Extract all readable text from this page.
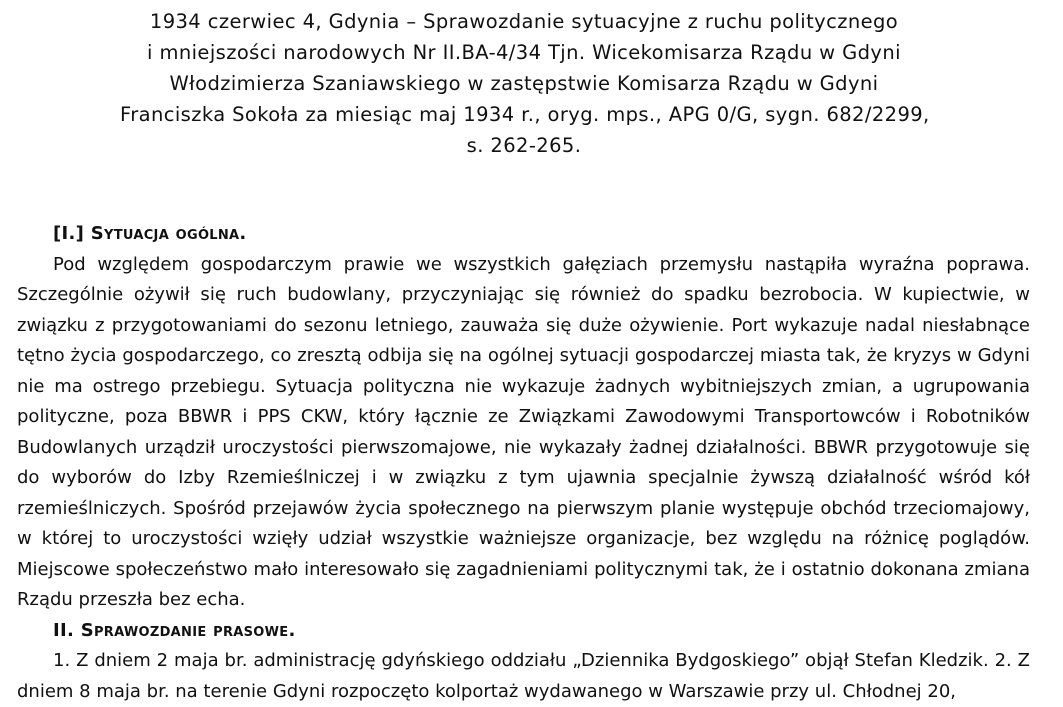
1934 czerwiec 4, Gdynia – Sprawozdanie sytuacyjne z ruchu politycznego
i mniejszości narodowych Nr II.BA-4/34 Tjn. Wicekomisarza Rządu w Gdyni
Włodzimierza Szaniawskiego w zastępstwie Komisarza Rządu w Gdyni
Franciszka Sokoła za miesiąc maj 1934 r., oryg. mps., APG 0/G, sygn. 682/2299,
s. 262-265.
[I.] Sytuacja ogólna.

Pod względem gospodarczym prawie we wszystkich gałęziach przemysłu nastąpiła wyraźna poprawa. Szczególnie ożywił się ruch budowlany, przyczyniając się również do spadku bezrobocia. W kupiectwie, w związku z przygotowaniami do sezonu letniego, zauważa się duże ożywienie. Port wykazuje nadal niesłabnące tętno życia gospodarczego, co zresztą odbija się na ogólnej sytuacji gospodarczej miasta tak, że kryzys w Gdyni nie ma ostrego przebiegu. Sytuacja polityczna nie wykazuje żadnych wybitniejszych zmian, a ugrupowania polityczne, poza BBWR i PPS CKW, który łącznie ze Związkami Zawodowymi Transportowców i Robotników Budowlanych urządził uroczystości pierwszomajowe, nie wykazały żadnej działalności. BBWR przygotowuje się do wyborów do Izby Rzemieślniczej i w związku z tym ujawnia specjalnie żywszą działalność wśród kół rzemieślniczych. Spośród przejawów życia społecznego na pierwszym planie występuje obchód trzeciomajowy, w której to uroczystości wzięły udział wszystkie ważniejsze organizacje, bez względu na różnicę poglądów. Miejscowe społeczeństwo mało interesowało się zagadnieniami politycznymi tak, że i ostatnio dokonana zmiana Rządu przeszła bez echa.

II. Sprawozdanie prasowe.

1. Z dniem 2 maja br. administrację gdyńskiego oddziału „Dziennika Bydgoskiego” objął Stefan Kledzik. 2. Z dniem 8 maja br. na terenie Gdyni rozpoczęto kolportaż wydawanego w Warszawie przy ul. Chłodnej 20,
